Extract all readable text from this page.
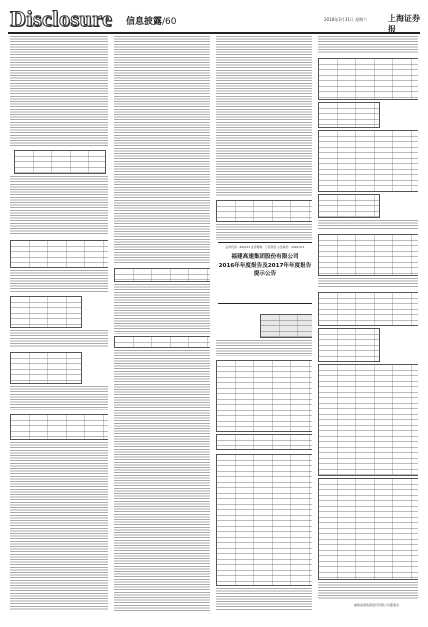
Disclosure 信息披露/60	2018年3月31日 星期六	上海证券报
证券代码：600123 证券简称：兰花科创 公告编号：2018-011
福建高速集团股份有限公司
2016年年度报告及2017年年度报告提示公告
福建高速集团股份有限公司董事会
